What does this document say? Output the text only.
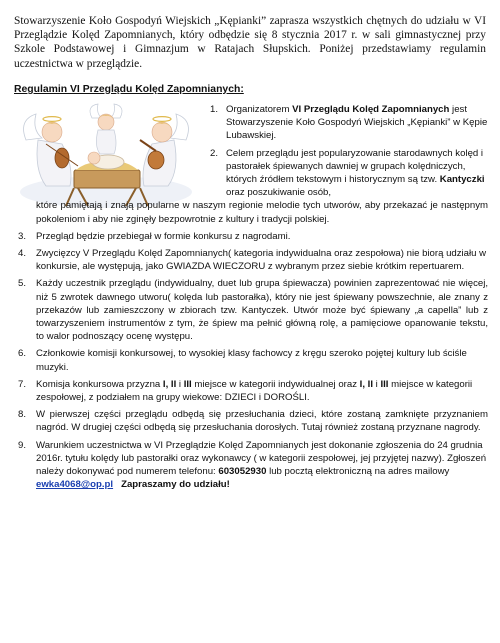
Stowarzyszenie Koło Gospodyń Wiejskich „Kępianki” zaprasza wszystkich chętnych do udziału w VI Przeglądzie Kolęd Zapomnianych, który odbędzie się 8 stycznia 2017 r. w sali gimnastycznej przy Szkole Podstawowej i Gimnazjum w Ratajach Słupskich. Poniżej przedstawiamy regulamin uczestnictwa w przeglądzie.
Regulamin VI Przeglądu Kolęd Zapomnianych:
1. Organizatorem VI Przeglądu Kolęd Zapomnianych jest Stowarzyszenie Koło Gospodyń Wiejskich „Kępianki” w Kępie Lubawskiej.
2. Celem przeglądu jest popularyzowanie starodawnych kolęd i pastorałek śpiewanych dawniej w grupach kolędniczych, których źródłem tekstowym i historycznym są tzw. Kantyczki oraz poszukiwanie osób,
które pamiętają i znają popularne w naszym regionie melodie tych utworów, aby przekazać je następnym pokoleniom i aby nie zginęły bezpowrotnie z kultury i tradycji polskiej.
3. Przegląd będzie przebiegał w formie konkursu z nagrodami.
4. Zwycięzcy V Przeglądu Kolęd Zapomnianych( kategoria indywidualna oraz zespołowa) nie biorą udziału w konkursie, ale występują, jako GWIAZDA WIECZORU z wybranym przez siebie krótkim repertuarem.
5. Każdy uczestnik przeglądu (indywidualny, duet lub grupa śpiewacza) powinien zaprezentować nie więcej, niż 5 zwrotek dawnego utworu( kolęda lub pastorałka), który nie jest śpiewany powszechnie, ale znany z przekazów lub zamieszczony w zbiorach tzw. Kantyczek. Utwór może być śpiewany „a capella” lub z towarzyszeniem instrumentów z tym, że śpiew ma pełnić główną rolę, a pamięciowe opanowanie tekstu, to walor podnoszący ocenę występu.
6. Członkowie komisji konkursowej, to wysokiej klasy fachowcy z kręgu szeroko pojętej kultury lub ściśle muzyki.
7. Komisja konkursowa przyzna I, II i III miejsce w kategorii indywidualnej oraz I, II i III miejsce w kategorii zespołowej, z podziałem na grupy wiekowe: DZIECI i DOROŚLI.
8. W pierwszej części przeglądu odbędą się przesłuchania dzieci, które zostaną zamknięte przyznaniem nagród. W drugiej części odbędą się przesłuchania dorosłych. Tutaj również zostaną przyznane nagrody.
9. Warunkiem uczestnictwa w VI Przeglądzie Kolęd Zapomnianych jest dokonanie zgłoszenia do 24 grudnia 2016r. tytułu kolędy lub pastorałki oraz wykonawcy ( w kategorii zespołowej, jej przyjętej nazwy). Zgłoszeń należy dokonywać pod numerem telefonu: 603052930 lub pocztą elektroniczną na adres mailowy ewka4068@op.pl Zapraszamy do udziału!
